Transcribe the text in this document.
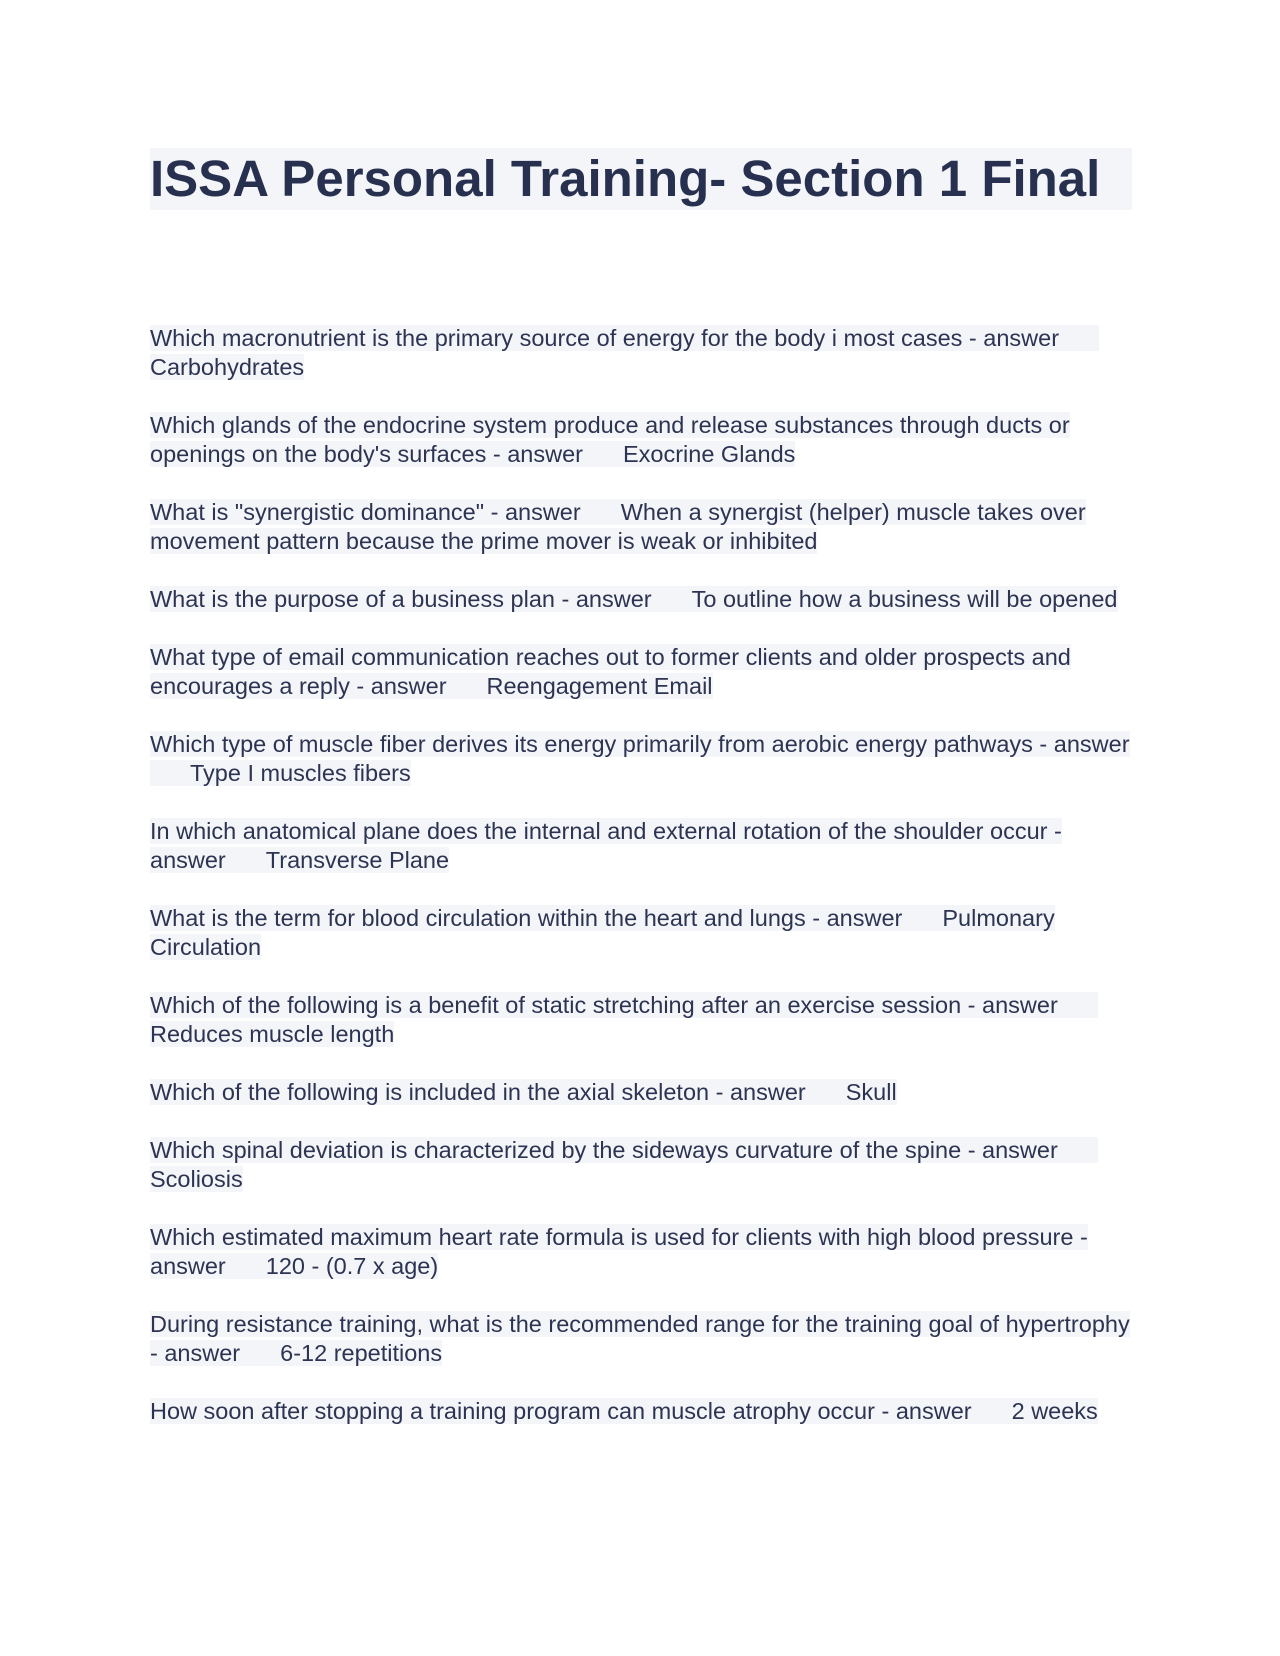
ISSA Personal Training- Section 1 Final

Which macronutrient is the primary source of energy for the body i most cases - answerCarbohydrates

Which glands of the endocrine system produce and release substances through ducts or openings on the body's surfaces - answer Exocrine Glands

What is "synergistic dominance" - answer When a synergist (helper) muscle takes over movement pattern because the prime mover is weak or inhibited

What is the purpose of a business plan - answer To outline how a business will be opened

What type of email communication reaches out to former clients and older prospects and encourages a reply - answer Reengagement Email

Which type of muscle fiber derives its energy primarily from aerobic energy pathways - answerType I muscles fibers

In which anatomical plane does the internal and external rotation of the shoulder occur - answer Transverse Plane

What is the term for blood circulation within the heart and lungs - answer Pulmonary Circulation

Which of the following is a benefit of static stretching after an exercise session - answerReduces muscle length

Which of the following is included in the axial skeleton - answer Skull

Which spinal deviation is characterized by the sideways curvature of the spine - answerScoliosis

Which estimated maximum heart rate formula is used for clients with high blood pressure - answer 120 - (0.7 x age)

During resistance training, what is the recommended range for the training goal of hypertrophy - answer 6-12 repetitions

How soon after stopping a training program can muscle atrophy occur - answer 2 weeks
